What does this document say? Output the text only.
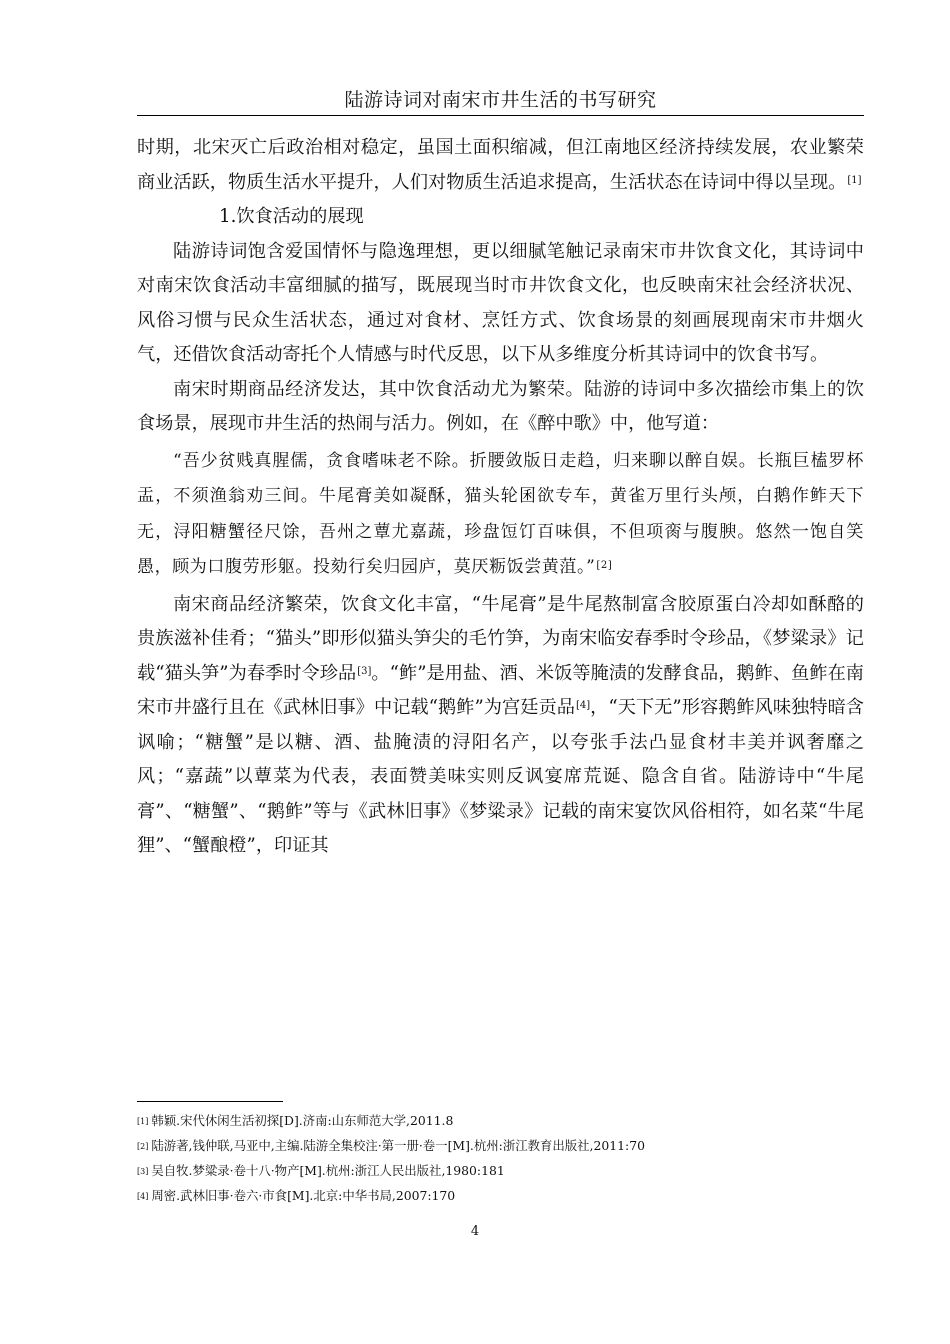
陆游诗词对南宋市井生活的书写研究

时期，北宋灭亡后政治相对稳定，虽国土面积缩减，但江南地区经济持续发展，农业繁荣商业活跃，物质生活水平提升，人们对物质生活追求提高，生活状态在诗词中得以呈现。[1]

1.饮食活动的展现

陆游诗词饱含爱国情怀与隐逸理想，更以细腻笔触记录南宋市井饮食文化，其诗词中对南宋饮食活动丰富细腻的描写，既展现当时市井饮食文化，也反映南宋社会经济状况、风俗习惯与民众生活状态，通过对食材、烹饪方式、饮食场景的刻画展现南宋市井烟火气，还借饮食活动寄托个人情感与时代反思，以下从多维度分析其诗词中的饮食书写。

南宋时期商品经济发达，其中饮食活动尤为繁荣。陆游的诗词中多次描绘市集上的饮食场景，展现市井生活的热闹与活力。例如，在《醉中歌》中，他写道：

“吾少贫贱真腥儒，贪食嗜味老不除。折腰敛版日走趋，归来聊以醉自娱。长瓶巨榼罗杯盂，不须渔翁劝三间。牛尾膏美如凝酥，猫头轮囷欲专车，黄雀万里行头颅，白鹅作鲊天下无，浔阳糖蟹径尺馀，吾州之蕈尤嘉蔬，珍盘饾饤百味俱，不但项脔与腹腴。悠然一饱自笑愚，顾为口腹劳形躯。投劾行矣归园庐，莫厌粝饭尝黄菹。”[2]

南宋商品经济繁荣，饮食文化丰富，“牛尾膏”是牛尾熬制富含胶原蛋白冷却如酥酪的贵族滋补佳肴；“猫头”即形似猫头笋尖的毛竹笋，为南宋临安春季时令珍品，《梦粱录》记载“猫头笋”为春季时令珍品[3]。“鲊”是用盐、酒、米饭等腌渍的发酵食品，鹅鲊、鱼鲊在南宋市井盛行且在《武林旧事》中记载“鹅鲊”为宫廷贡品[4]，“天下无”形容鹅鲊风味独特暗含讽喻；“糖蟹”是以糖、酒、盐腌渍的浔阳名产，以夸张手法凸显食材丰美并讽奢靡之风；“嘉蔬”以蕈菜为代表，表面赞美味实则反讽宴席荒诞、隐含自省。陆游诗中“牛尾膏”、“糖蟹”、“鹅鲊”等与《武林旧事》《梦粱录》记载的南宋宴饮风俗相符，如名菜“牛尾狸”、“蟹酿橙”，印证其

[1] 韩颖.宋代休闲生活初探[D].济南:山东师范大学,2011.8
[2] 陆游著,钱仲联,马亚中,主编.陆游全集校注·第一册·卷一[M].杭州:浙江教育出版社,2011:70
[3] 吴自牧.梦粱录·卷十八·物产[M].杭州:浙江人民出版社,1980:181
[4] 周密.武林旧事·卷六·市食[M].北京:中华书局,2007:170
4
